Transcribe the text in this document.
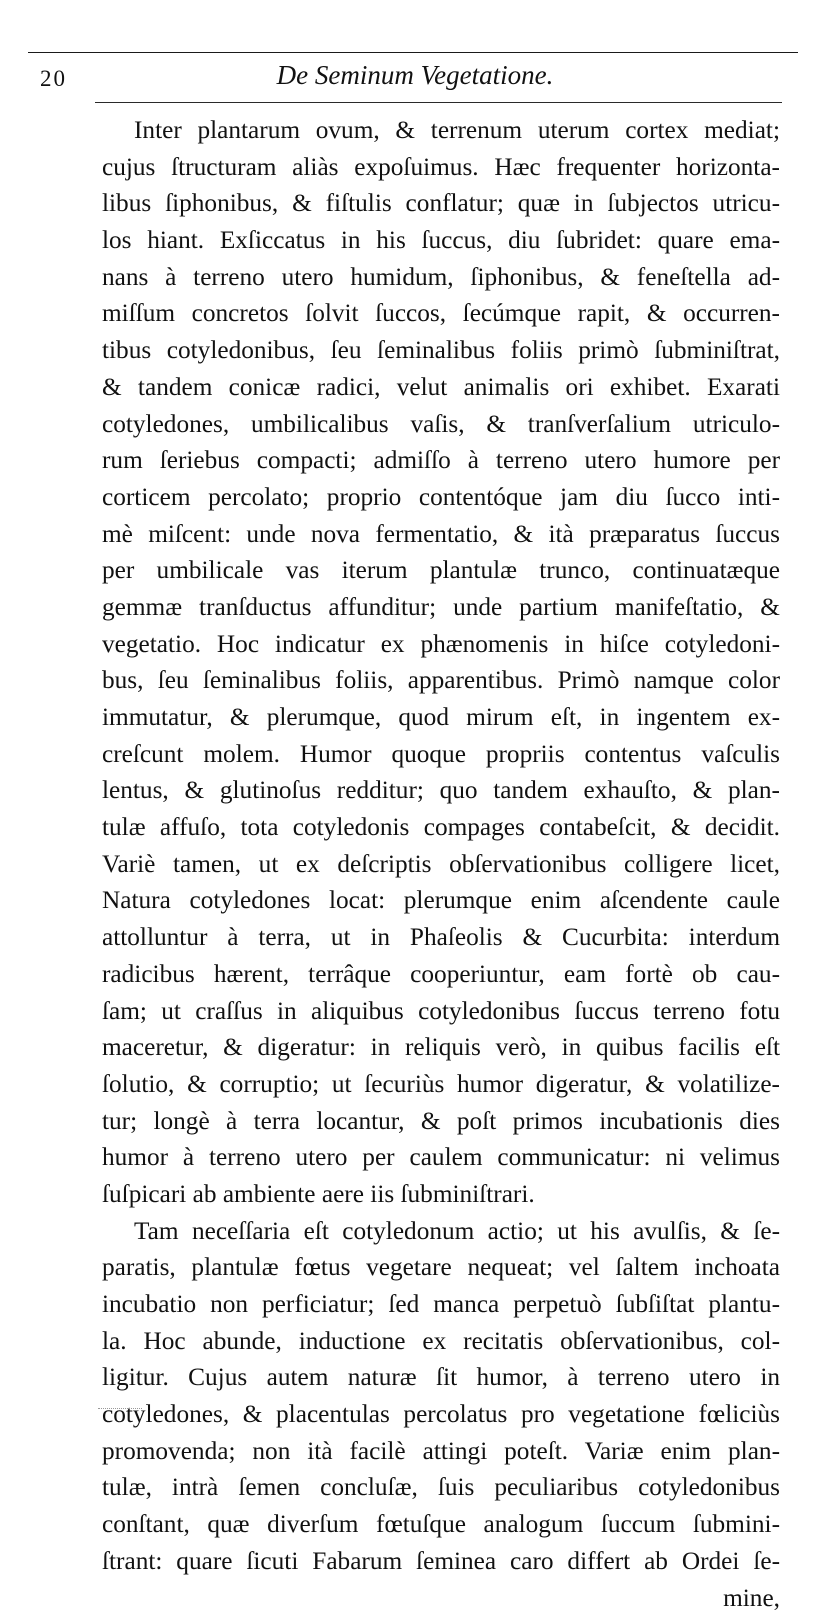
20	De Seminum Vegetatione.
Inter plantarum ovum, & terrenum uterum cortex mediat;
cujus ſtructuram aliàs expoſuimus. Hæc frequenter horizonta-
libus ſiphonibus, & fiſtulis conflatur; quæ in ſubjectos utricu-
los hiant. Exſiccatus in his ſuccus, diu ſubridet: quare ema-
nans à terreno utero humidum, ſiphonibus, & feneſtella ad-
miſſum concretos ſolvit ſuccos, ſecúmque rapit, & occurren-
tibus cotyledonibus, ſeu ſeminalibus foliis primò ſubminiſtrat,
& tandem conicæ radici, velut animalis ori exhibet. Exarati
cotyledones, umbilicalibus vaſis, & tranſverſalium utriculo-
rum ſeriebus compacti; admiſſo à terreno utero humore per
corticem percolato; proprio contentóque jam diu ſucco inti-
mè miſcent: unde nova fermentatio, & ità præparatus ſuccus
per umbilicale vas iterum plantulæ trunco, continuatæque
gemmæ tranſductus affunditur; unde partium manifeſtatio, &
vegetatio. Hoc indicatur ex phænomenis in hiſce cotyledoni-
bus, ſeu ſeminalibus foliis, apparentibus. Primò namque color
immutatur, & plerumque, quod mirum eſt, in ingentem ex-
creſcunt molem. Humor quoque propriis contentus vaſculis
lentus, & glutinoſus redditur; quo tandem exhauſto, & plan-
tulæ affuſo, tota cotyledonis compages contabeſcit, & decidit.
Variè tamen, ut ex deſcriptis obſervationibus colligere licet,
Natura cotyledones locat: plerumque enim aſcendente caule
attolluntur à terra, ut in Phaſeolis & Cucurbita: interdum
radicibus hærent, terrâque cooperiuntur, eam fortè ob cau-
ſam; ut craſſus in aliquibus cotyledonibus ſuccus terreno fotu
maceretur, & digeratur: in reliquis verò, in quibus facilis eſt
ſolutio, & corruptio; ut ſecuriùs humor digeratur, & volatilize-
tur; longè à terra locantur, & poſt primos incubationis dies
humor à terreno utero per caulem communicatur: ni velimus
ſuſpicari ab ambiente aere iis ſubminiſtrari.
Tam neceſſaria eſt cotyledonum actio; ut his avulſis, & ſe-
paratis, plantulæ fœtus vegetare nequeat; vel ſaltem inchoata
incubatio non perficiatur; ſed manca perpetuò ſubſiſtat plantu-
la. Hoc abunde, inductione ex recitatis obſervationibus, col-
ligitur. Cujus autem naturæ ſit humor, à terreno utero in
cotyledones, & placentulas percolatus pro vegetatione fœliciùs
promovenda; non ità facilè attingi poteſt. Variæ enim plan-
tulæ, intrà ſemen concluſæ, ſuis peculiaribus cotyledonibus
conſtant, quæ diverſum fœtuſque analogum ſuccum ſubmini-
ſtrant: quare ſicuti Fabarum ſeminea caro differt ab Ordei ſe-
mine,
